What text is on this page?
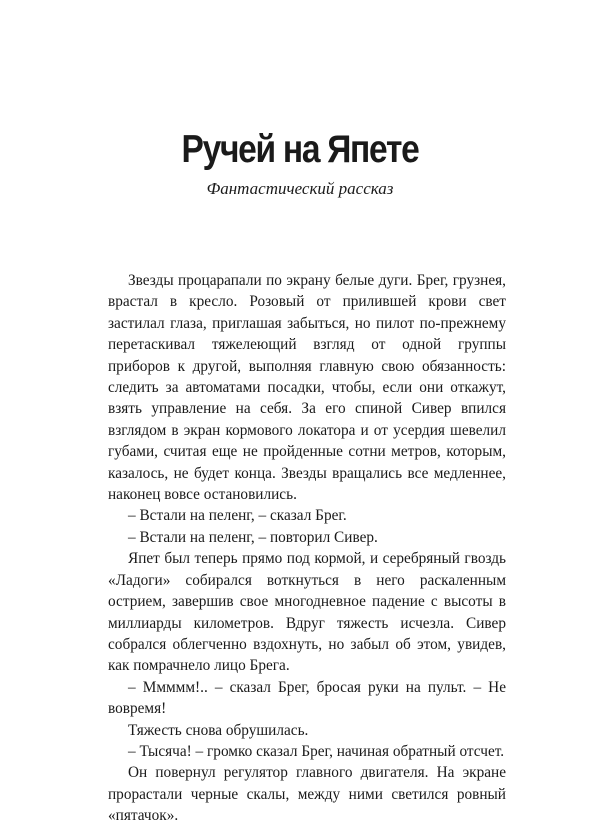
Ручей на Япете
Фантастический рассказ

Звезды процарапали по экрану белые дуги. Брег, грузнея, врастал в кресло. Розовый от прилившей крови свет застилал глаза, приглашая забыться, но пилот по-прежнему перетаскивал тяжелеющий взгляд от одной группы приборов к другой, выполняя главную свою обязанность: следить за автоматами посадки, чтобы, если они откажут, взять управление на себя. За его спиной Сивер впился взглядом в экран кормового локатора и от усердия шевелил губами, считая еще не пройденные сотни метров, которым, казалось, не будет конца. Звезды вращались все медленнее, наконец вовсе остановились.

– Встали на пеленг, – сказал Брег.

– Встали на пеленг, – повторил Сивер.

Япет был теперь прямо под кормой, и серебряный гвоздь «Ладоги» собирался воткнуться в него раскаленным острием, завершив свое многодневное падение с высоты в миллиарды километров. Вдруг тяжесть исчезла. Сивер собрался облегченно вздохнуть, но забыл об этом, увидев, как помрачнело лицо Брега.

– Ммммм!.. – сказал Брег, бросая руки на пульт. – Не вовремя!

Тяжесть снова обрушилась.

– Тысяча! – громко сказал Брег, начиная обратный отсчет.

Он повернул регулятор главного двигателя. На экране прорастали черные скалы, между ними светился ровный «пятачок».
